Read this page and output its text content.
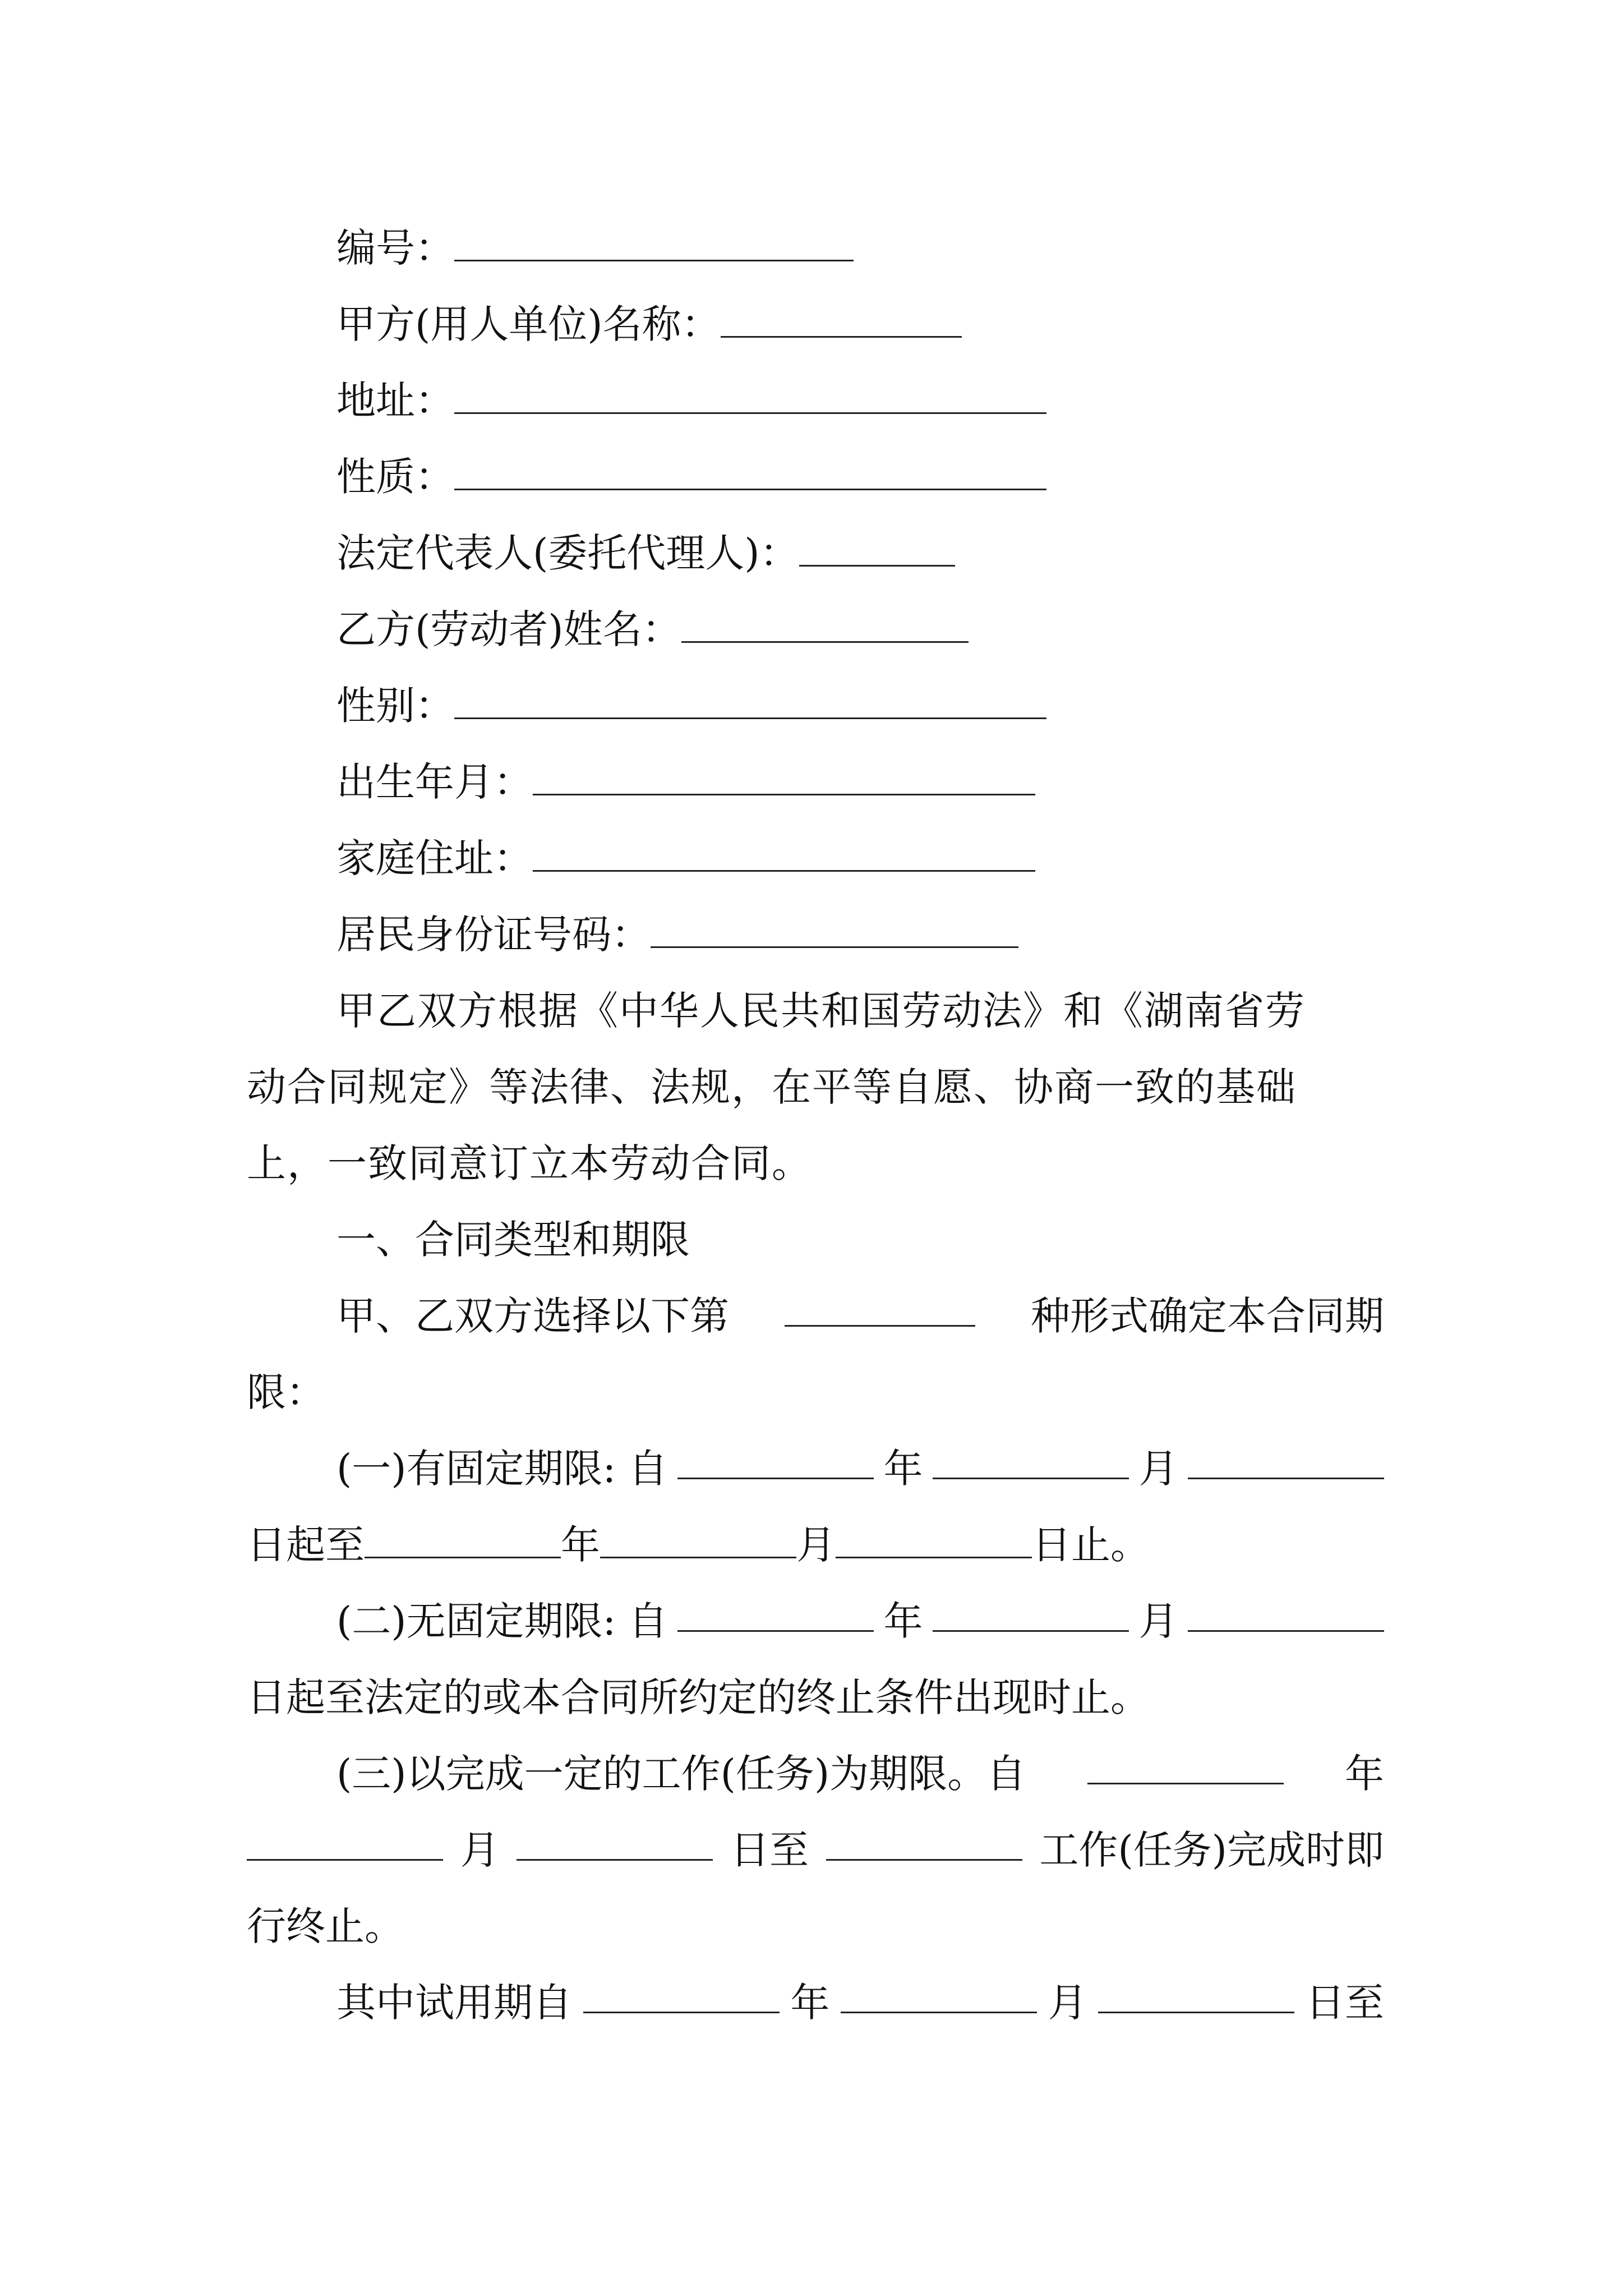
编号：
甲方(用人单位)名称：
地址：
性质：
法定代表人(委托代理人)：
乙方(劳动者)姓名：
性别：
出生年月：
家庭住址：
居民身份证号码：
甲乙双方根据《中华人民共和国劳动法》和《湖南省劳
动合同规定》等法律、法规，在平等自愿、协商一致的基础
上，一致同意订立本劳动合同。
一、合同类型和期限
甲、乙双方选择以下第	种形式确定本合同期
限：
(一)有固定期限: 自	年	月
日起至	年	月	日止。
(二)无固定期限: 自	年	月
日起至法定的或本合同所约定的终止条件出现时止。
(三)以完成一定的工作(任务)为期限。自	年
月	日至	工作(任务)完成时即
行终止。
其中试用期自	年	月	日至
